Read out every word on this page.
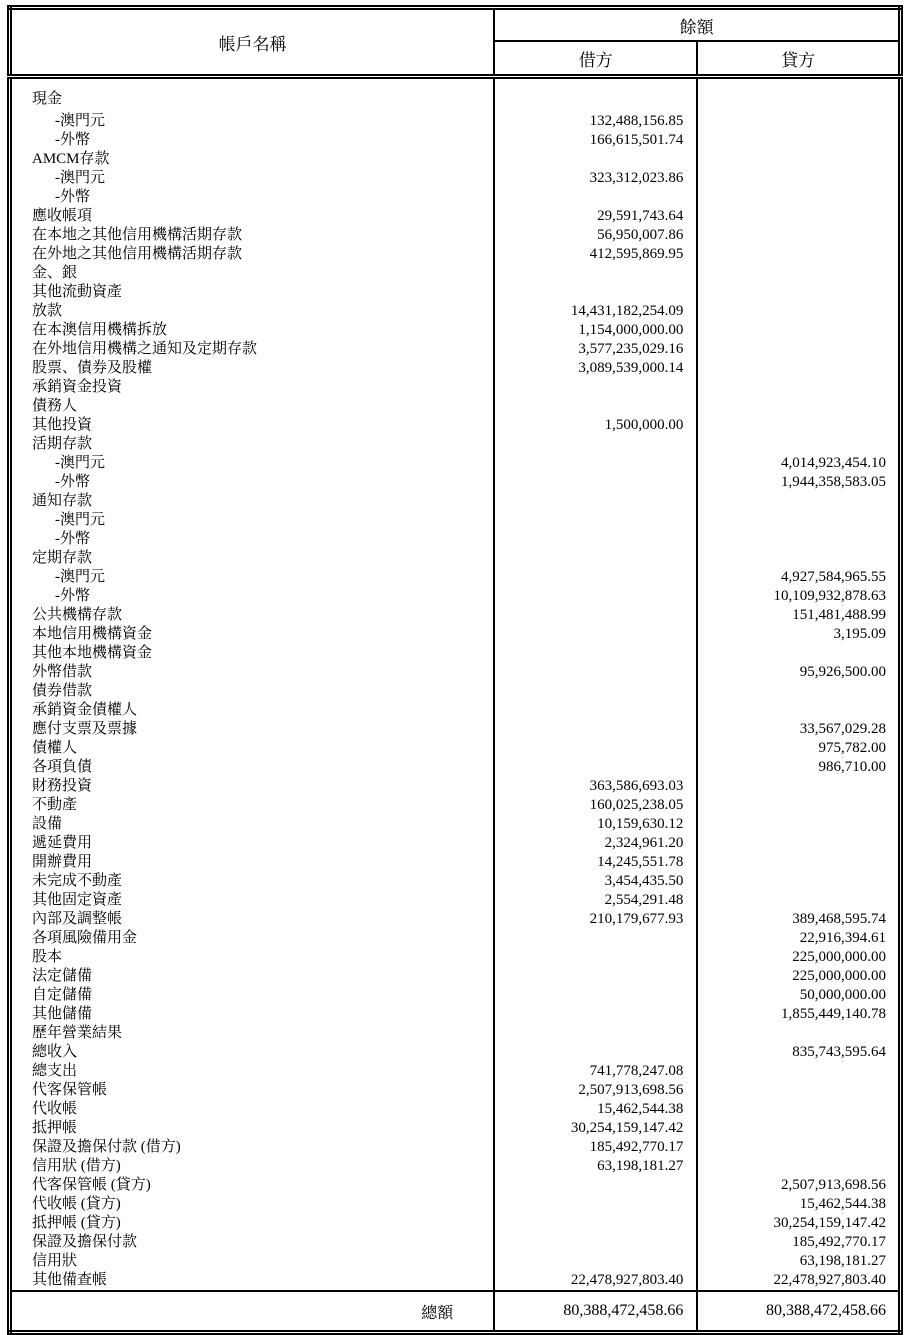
帳戶名稱	餘額	
	借方	貸方
現金		
-澳門元	132,488,156.85	
-外幣	166,615,501.74	
AMCM存款		
-澳門元	323,312,023.86	
-外幣		
應收帳項	29,591,743.64	
在本地之其他信用機構活期存款	56,950,007.86	
在外地之其他信用機構活期存款	412,595,869.95	
金、銀		
其他流動資產		
放款	14,431,182,254.09	
在本澳信用機構拆放	1,154,000,000.00	
在外地信用機構之通知及定期存款	3,577,235,029.16	
股票、債券及股權	3,089,539,000.14	
承銷資金投資		
債務人		
其他投資	1,500,000.00	
活期存款		
-澳門元		4,014,923,454.10
-外幣		1,944,358,583.05
通知存款		
-澳門元		
-外幣		
定期存款		
-澳門元		4,927,584,965.55
-外幣		10,109,932,878.63
公共機構存款		151,481,488.99
本地信用機構資金		3,195.09
其他本地機構資金		
外幣借款		95,926,500.00
債券借款		
承銷資金債權人		
應付支票及票據		33,567,029.28
債權人		975,782.00
各項負債		986,710.00
財務投資	363,586,693.03	
不動產	160,025,238.05	
設備	10,159,630.12	
遞延費用	2,324,961.20	
開辦費用	14,245,551.78	
未完成不動產	3,454,435.50	
其他固定資產	2,554,291.48	
內部及調整帳	210,179,677.93	389,468,595.74
各項風險備用金		22,916,394.61
股本		225,000,000.00
法定儲備		225,000,000.00
自定儲備		50,000,000.00
其他儲備		1,855,449,140.78
歷年營業結果		
總收入		835,743,595.64
總支出	741,778,247.08	
代客保管帳	2,507,913,698.56	
代收帳	15,462,544.38	
抵押帳	30,254,159,147.42	
保證及擔保付款 (借方)	185,492,770.17	
信用狀 (借方)	63,198,181.27	
代客保管帳 (貸方)		2,507,913,698.56
代收帳 (貸方)		15,462,544.38
抵押帳 (貸方)		30,254,159,147.42
保證及擔保付款		185,492,770.17
信用狀		63,198,181.27
其他備查帳	22,478,927,803.40	22,478,927,803.40
總額	80,388,472,458.66	80,388,472,458.66
